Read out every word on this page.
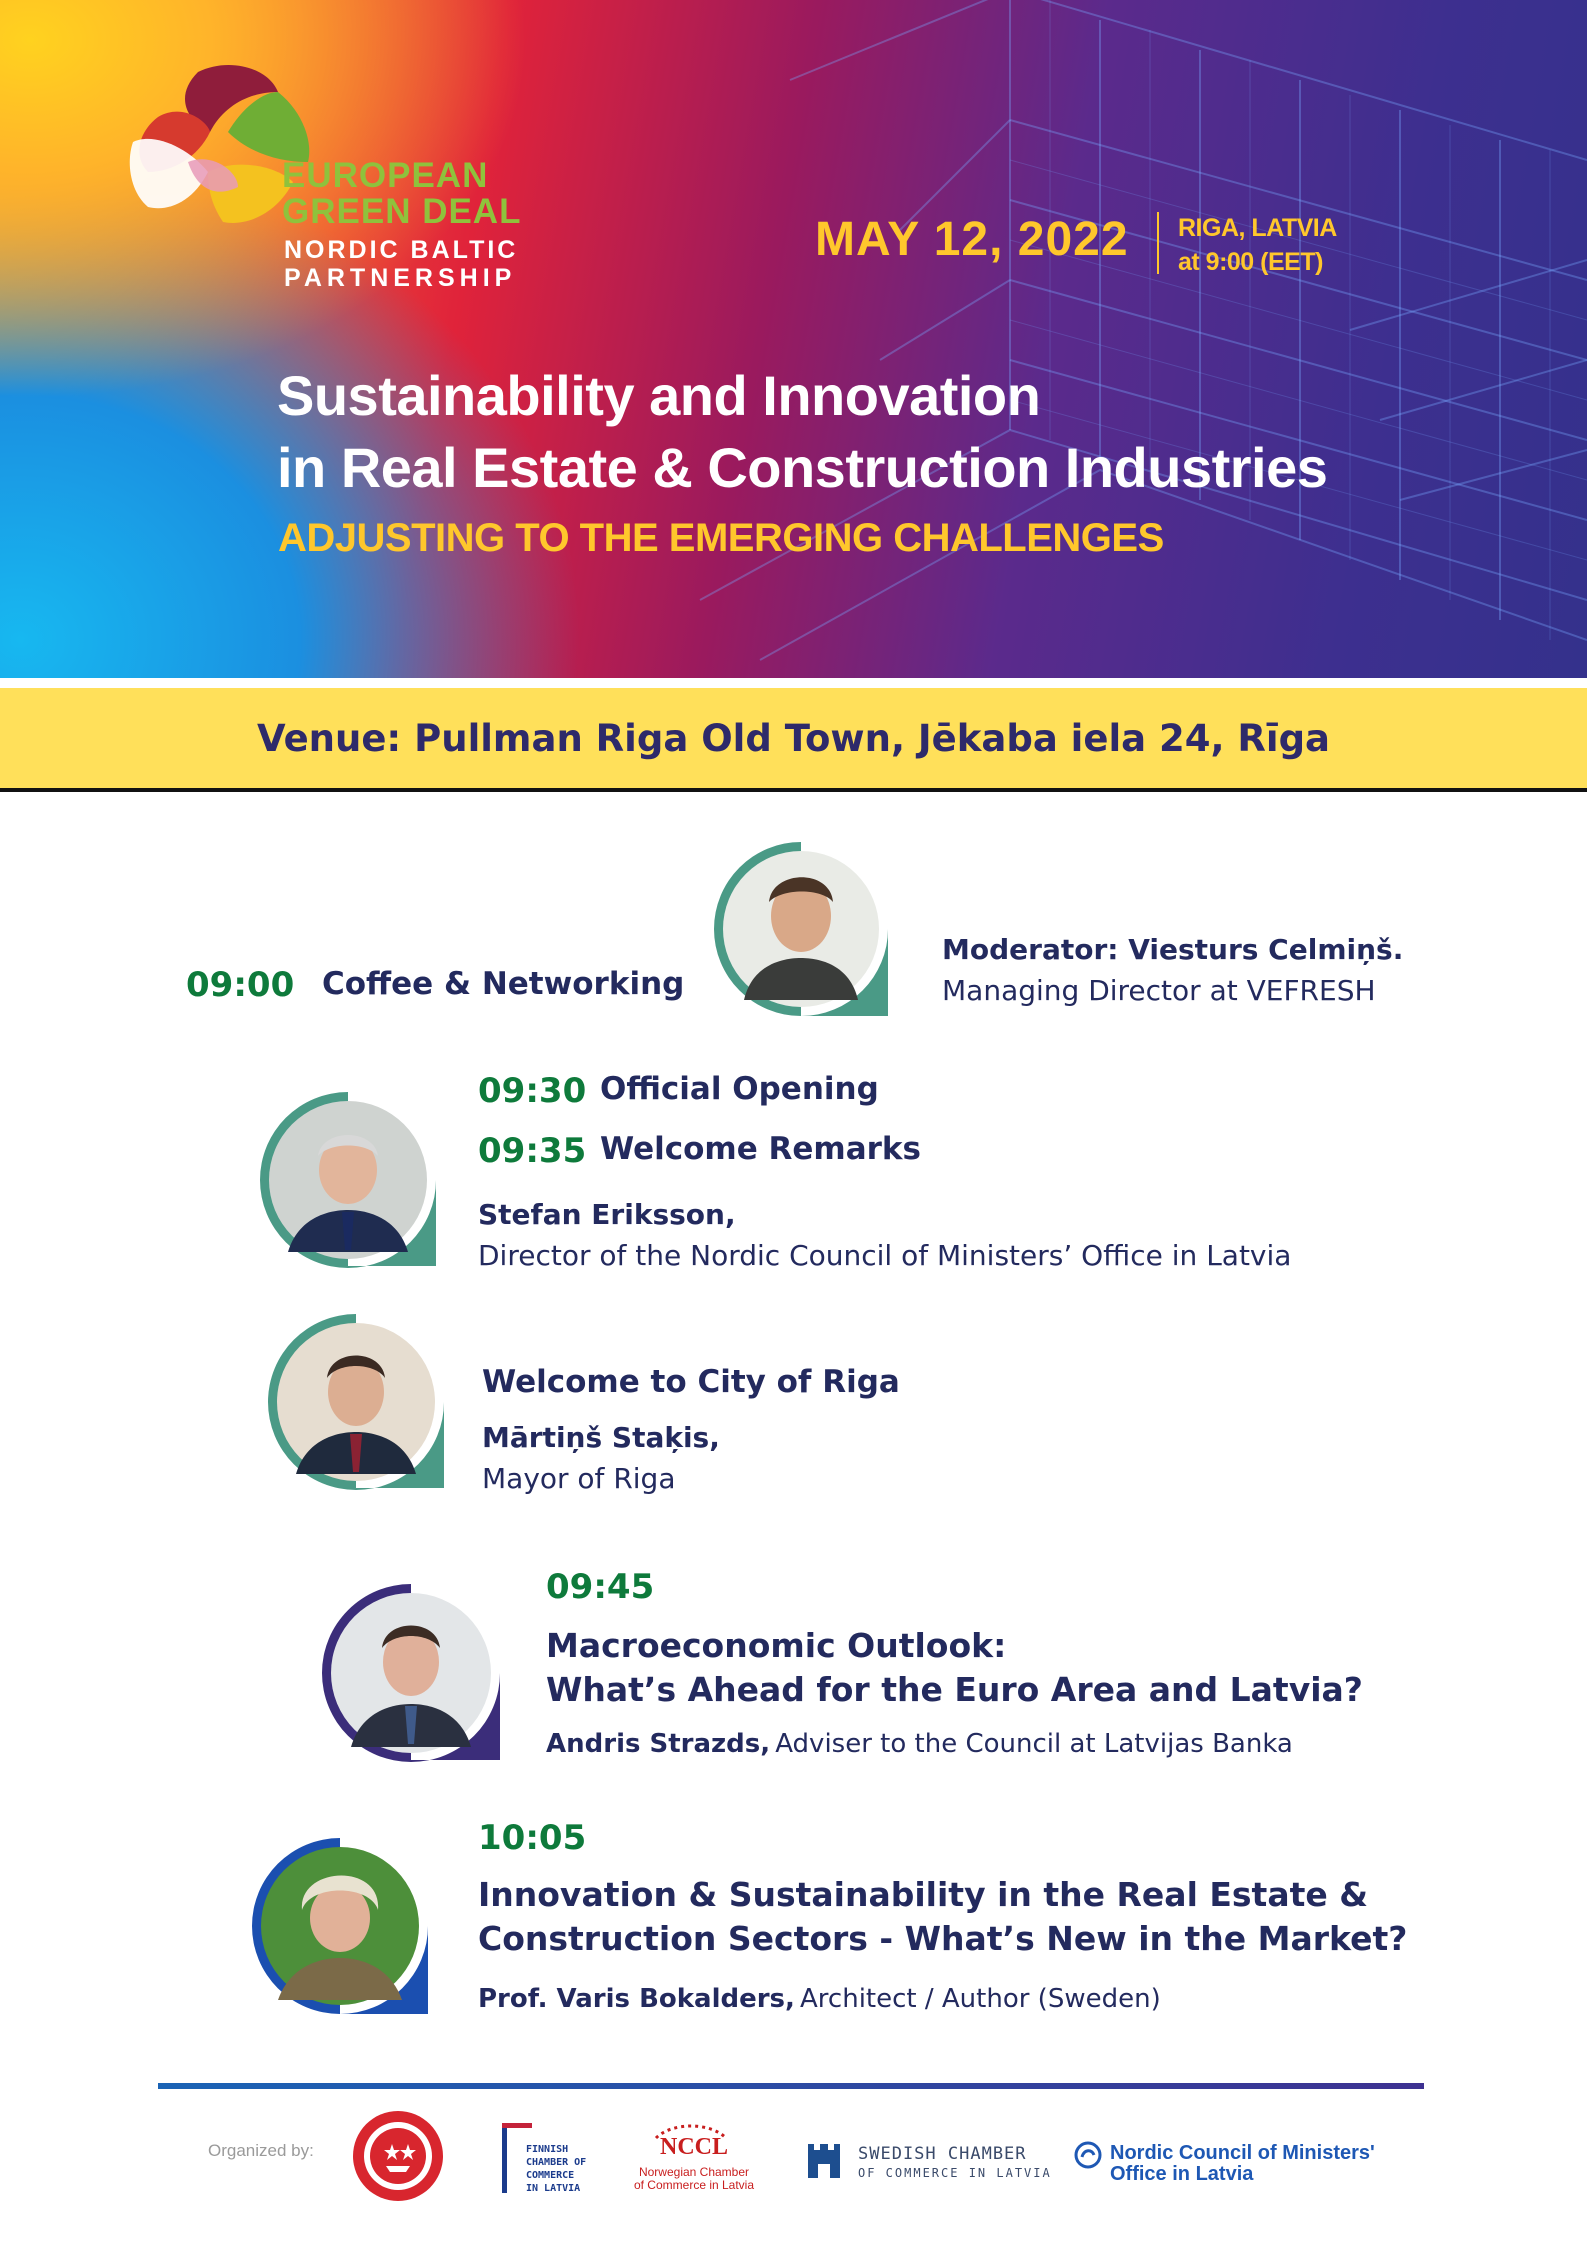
EUROPEAN
GREEN DEAL
NORDIC BALTIC
PARTNERSHIP
MAY 12, 2022 RIGA, LATVIA
at 9:00 (EET)
Sustainability and Innovation
in Real Estate & Construction Industries
ADJUSTING TO THE EMERGING CHALLENGES
Venue: Pullman Riga Old Town, Jēkaba iela 24, Rīga
09:00 Coffee & Networking
Moderator: Viesturs Celmiņš.
Managing Director at VEFRESH
09:30 Official Opening
09:35 Welcome Remarks
Stefan Eriksson,
Director of the Nordic Council of Ministers’ Office in Latvia
Welcome to City of Riga
Mārtiņš Staķis,
Mayor of Riga
09:45
Macroeconomic Outlook:
What’s Ahead for the Euro Area and Latvia?
Andris Strazds, Adviser to the Council at Latvijas Banka
10:05
Innovation & Sustainability in the Real Estate &
Construction Sectors - What’s New in the Market?
Prof. Varis Bokalders, Architect / Author (Sweden)
Organized by:	FINNISH
CHAMBER OF
COMMERCE
IN LATVIA
NCCL
Norwegian Chamber
of Commerce in Latvia
SWEDISH CHAMBER
OF COMMERCE IN LATVIA
Nordic Council of Ministers'
Office in Latvia
